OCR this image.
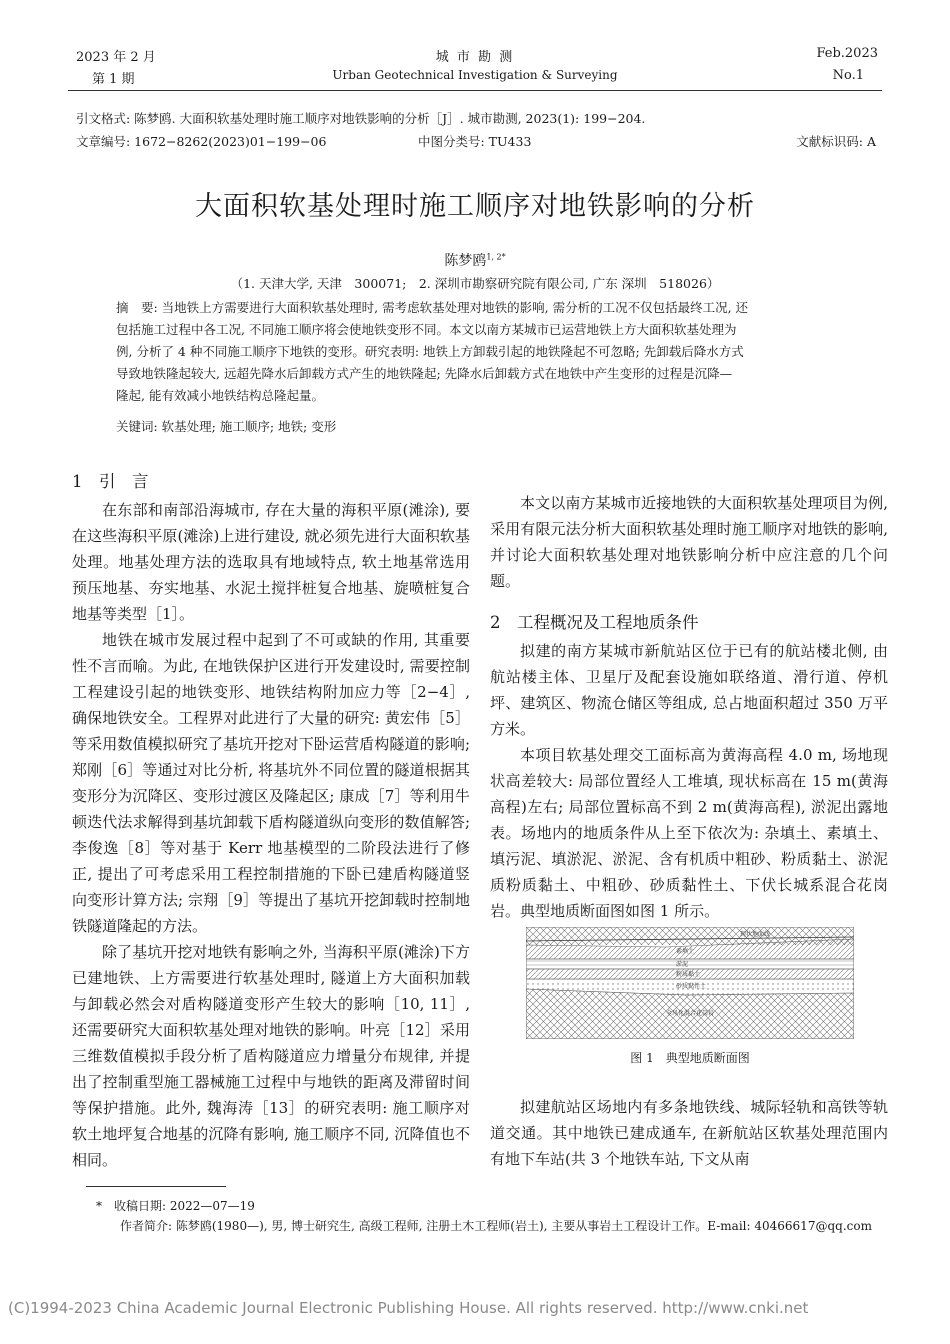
2023 年 2 月
第 1 期
城 市 勘 测
Urban Geotechnical Investigation & Surveying
Feb.2023
No.1
引文格式: 陈梦鸥. 大面积软基处理时施工顺序对地铁影响的分析［J］. 城市勘测, 2023(1): 199−204.
文章编号: 1672−8262(2023)01−199−06	中图分类号: TU433	文献标识码: A
大面积软基处理时施工顺序对地铁影响的分析
陈梦鸥$^{1, 2*}$
（1. 天津大学, 天津　300071;　2. 深圳市勘察研究院有限公司, 广东 深圳　518026）
摘　要: 当地铁上方需要进行大面积软基处理时, 需考虑软基处理对地铁的影响, 需分析的工况不仅包括最终工况, 还
包括施工过程中各工况, 不同施工顺序将会使地铁变形不同。本文以南方某城市已运营地铁上方大面积软基处理为
例, 分析了 4 种不同施工顺序下地铁的变形。研究表明: 地铁上方卸载引起的地铁隆起不可忽略; 先卸载后降水方式
导致地铁隆起较大, 远超先降水后卸载方式产生的地铁隆起; 先降水后卸载方式在地铁中产生变形的过程是沉降—
隆起, 能有效减小地铁结构总隆起量。
关键词: 软基处理; 施工顺序; 地铁; 变形

1　引　言

在东部和南部沿海城市, 存在大量的海积平原(滩涂), 要在这些海积平原(滩涂)上进行建设, 就必须先进行大面积软基处理。地基处理方法的选取具有地域特点, 软土地基常选用预压地基、夯实地基、水泥土搅拌桩复合地基、旋喷桩复合地基等类型［1］。

地铁在城市发展过程中起到了不可或缺的作用, 其重要性不言而喻。为此, 在地铁保护区进行开发建设时, 需要控制工程建设引起的地铁变形、地铁结构附加应力等［2−4］, 确保地铁安全。工程界对此进行了大量的研究: 黄宏伟［5］等采用数值模拟研究了基坑开挖对下卧运营盾构隧道的影响; 郑刚［6］等通过对比分析, 将基坑外不同位置的隧道根据其变形分为沉降区、变形过渡区及隆起区; 康成［7］等利用牛顿迭代法求解得到基坑卸载下盾构隧道纵向变形的数值解答; 李俊逸［8］等对基于 Kerr 地基模型的二阶段法进行了修正, 提出了可考虑采用工程控制措施的下卧已建盾构隧道竖向变形计算方法; 宗翔［9］等提出了基坑开挖卸载时控制地铁隧道隆起的方法。

除了基坑开挖对地铁有影响之外, 当海积平原(滩涂)下方已建地铁、上方需要进行软基处理时, 隧道上方大面积加载与卸载必然会对盾构隧道变形产生较大的影响［10, 11］, 还需要研究大面积软基处理对地铁的影响。叶亮［12］采用三维数值模拟手段分析了盾构隧道应力增量分布规律, 并提出了控制重型施工器械施工过程中与地铁的距离及滞留时间等保护措施。此外, 魏海涛［13］的研究表明: 施工顺序对软土地坪复合地基的沉降有影响, 施工顺序不同, 沉降值也不相同。

本文以南方某城市近接地铁的大面积软基处理项目为例, 采用有限元法分析大面积软基处理时施工顺序对地铁的影响, 并讨论大面积软基处理对地铁影响分析中应注意的几个问题。

2　工程概况及工程地质条件

拟建的南方某城市新航站区位于已有的航站楼北侧, 由航站楼主体、卫星厅及配套设施如联络道、滑行道、停机坪、建筑区、物流仓储区等组成, 总占地面积超过 350 万平方米。

本项目软基处理交工面标高为黄海高程 4.0 m, 场地现状高差较大: 局部位置经人工堆填, 现状标高在 15 m(黄海高程)左右; 局部位置标高不到 2 m(黄海高程), 淤泥出露地表。场地内的地质条件从上至下依次为: 杂填土、素填土、填污泥、填淤泥、淤泥、含有机质中粗砂、粉质黏土、淤泥质粉质黏土、中粗砂、砂质黏性土、下伏长城系混合花岗岩。典型地质断面图如图 1 所示。

现状地面线
素填土
淤泥
粉质黏土
砂质黏性土
全风化混合花岗岩
图 1　典型地质断面图

拟建航站区场地内有多条地铁线、城际轻轨和高铁等轨道交通。其中地铁已建成通车, 在新航站区软基处理范围内有地下车站(共 3 个地铁车站, 下文从南

*　收稿日期: 2022—07—19
作者简介: 陈梦鸥(1980—), 男, 博士研究生, 高级工程师, 注册土木工程师(岩土), 主要从事岩土工程设计工作。E-mail: 40466617@qq.com
(C)1994-2023 China Academic Journal Electronic Publishing House. All rights reserved. http://www.cnki.net
